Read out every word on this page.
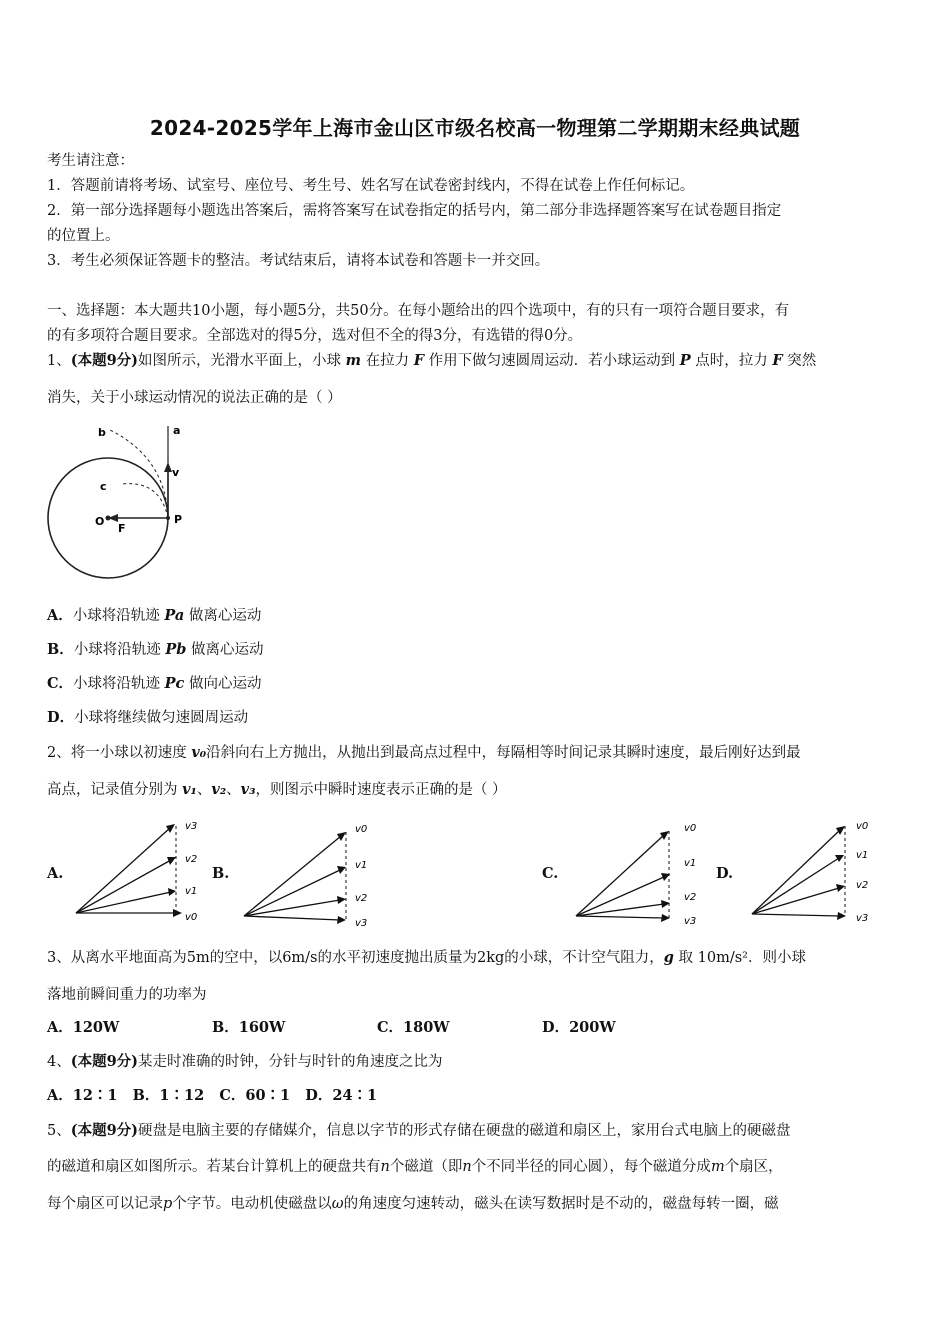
2024-2025学年上海市金山区市级名校高一物理第二学期期末经典试题
考生请注意：
1．答题前请将考场、试室号、座位号、考生号、姓名写在试卷密封线内，不得在试卷上作任何标记。
2．第一部分选择题每小题选出答案后，需将答案写在试卷指定的括号内，第二部分非选择题答案写在试卷题目指定
的位置上。
3．考生必须保证答题卡的整洁。考试结束后，请将本试卷和答题卡一并交回。
一、选择题：本大题共10小题，每小题5分，共50分。在每小题给出的四个选项中，有的只有一项符合题目要求，有
的有多项符合题目要求。全部选对的得5分，选对但不全的得3分，有选错的得0分。
1、(本题9分)如图所示，光滑水平面上，小球 m 在拉力 F 作用下做匀速圆周运动．若小球运动到 P 点时，拉力 F 突然
消失，关于小球运动情况的说法正确的是（ ）
a
b
c
v
O
F
P
A．小球将沿轨迹 Pa 做离心运动
B．小球将沿轨迹 Pb 做离心运动
C．小球将沿轨迹 Pc 做向心运动
D．小球将继续做匀速圆周运动
2、将一小球以初速度 v₀沿斜向右上方抛出，从抛出到最高点过程中，每隔相等时间记录其瞬时速度，最后刚好达到最
高点，记录值分别为 v₁、v₂、v₃，则图示中瞬时速度表示正确的是（ ）
A.	B.	C.	D.
v3
v2
v1
v0
v0
v1
v2
v3
v0
v1
v2
v3
v0
v1
v2
v3
3、从离水平地面高为5m的空中，以6m/s的水平初速度抛出质量为2kg的小球，不计空气阻力，g 取 10m/s²．则小球
落地前瞬间重力的功率为
A．120W	B．160W	C．180W	D．200W
4、(本题9分)某走时准确的时钟，分针与时针的角速度之比为
A．12∶1   B．1∶12   C．60∶1   D．24∶1
5、(本题9分)硬盘是电脑主要的存储媒介，信息以字节的形式存储在硬盘的磁道和扇区上，家用台式电脑上的硬磁盘
的磁道和扇区如图所示。若某台计算机上的硬盘共有n个磁道（即n个不同半径的同心圆），每个磁道分成m个扇区，
每个扇区可以记录p个字节。电动机使磁盘以ω的角速度匀速转动，磁头在读写数据时是不动的，磁盘每转一圈，磁
